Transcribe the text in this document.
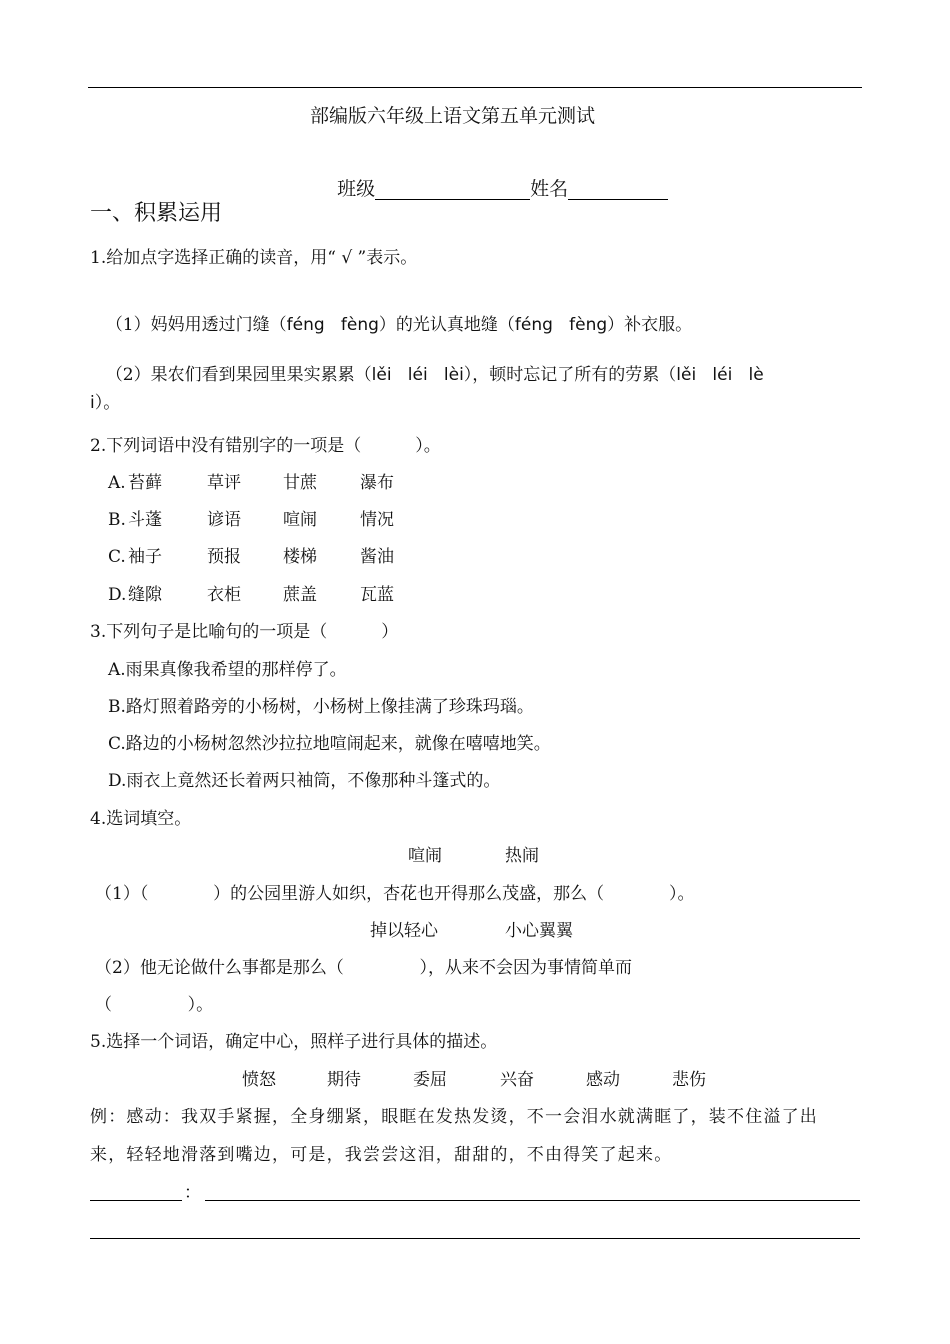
部编版六年级上语文第五单元测试

班级	姓名

一、积累运用
1.给加点字选择正确的读音，用“ √ ”表示。

（1）妈妈用透过门缝（féng fèng）的光认真地缝（féng fèng）补衣服。

（2）果农们看到果园里果实累累（lěi léi lèi），顿时忘记了所有的劳累（lěi léi lè

i）。
2.下列词语中没有错别字的一项是（          ）。
A. 苔藓	草评 甘蔗	瀑布
B. 斗蓬	谚语 喧闹	情况
C. 袖子	预报 楼梯	酱油
D. 缝隙	衣柜 蔗盖	瓦蓝
3.下列句子是比喻句的一项是（          ）
A.雨果真像我希望的那样停了。
B.路灯照着路旁的小杨树，小杨树上像挂满了珍珠玛瑙。
C.路边的小杨树忽然沙拉拉地喧闹起来，就像在嘻嘻地笑。
D.雨衣上竟然还长着两只袖筒，不像那种斗篷式的。
4.选词填空。
喧闹	热闹
（1）（            ）的公园里游人如织，杏花也开得那么茂盛，那么（            ）。
掉以轻心	小心翼翼
（2）他无论做什么事都是那么（              ），从来不会因为事情简单而
（              ）。
5.选择一个词语，确定中心，照样子进行具体的描述。
愤怒	期待	委屈	兴奋	感动	悲伤
例：感动：我双手紧握，全身绷紧，眼眶在发热发烫，不一会泪水就满眶了，装不住溢了出
来，轻轻地滑落到嘴边，可是，我尝尝这泪，甜甜的，不由得笑了起来。
：
